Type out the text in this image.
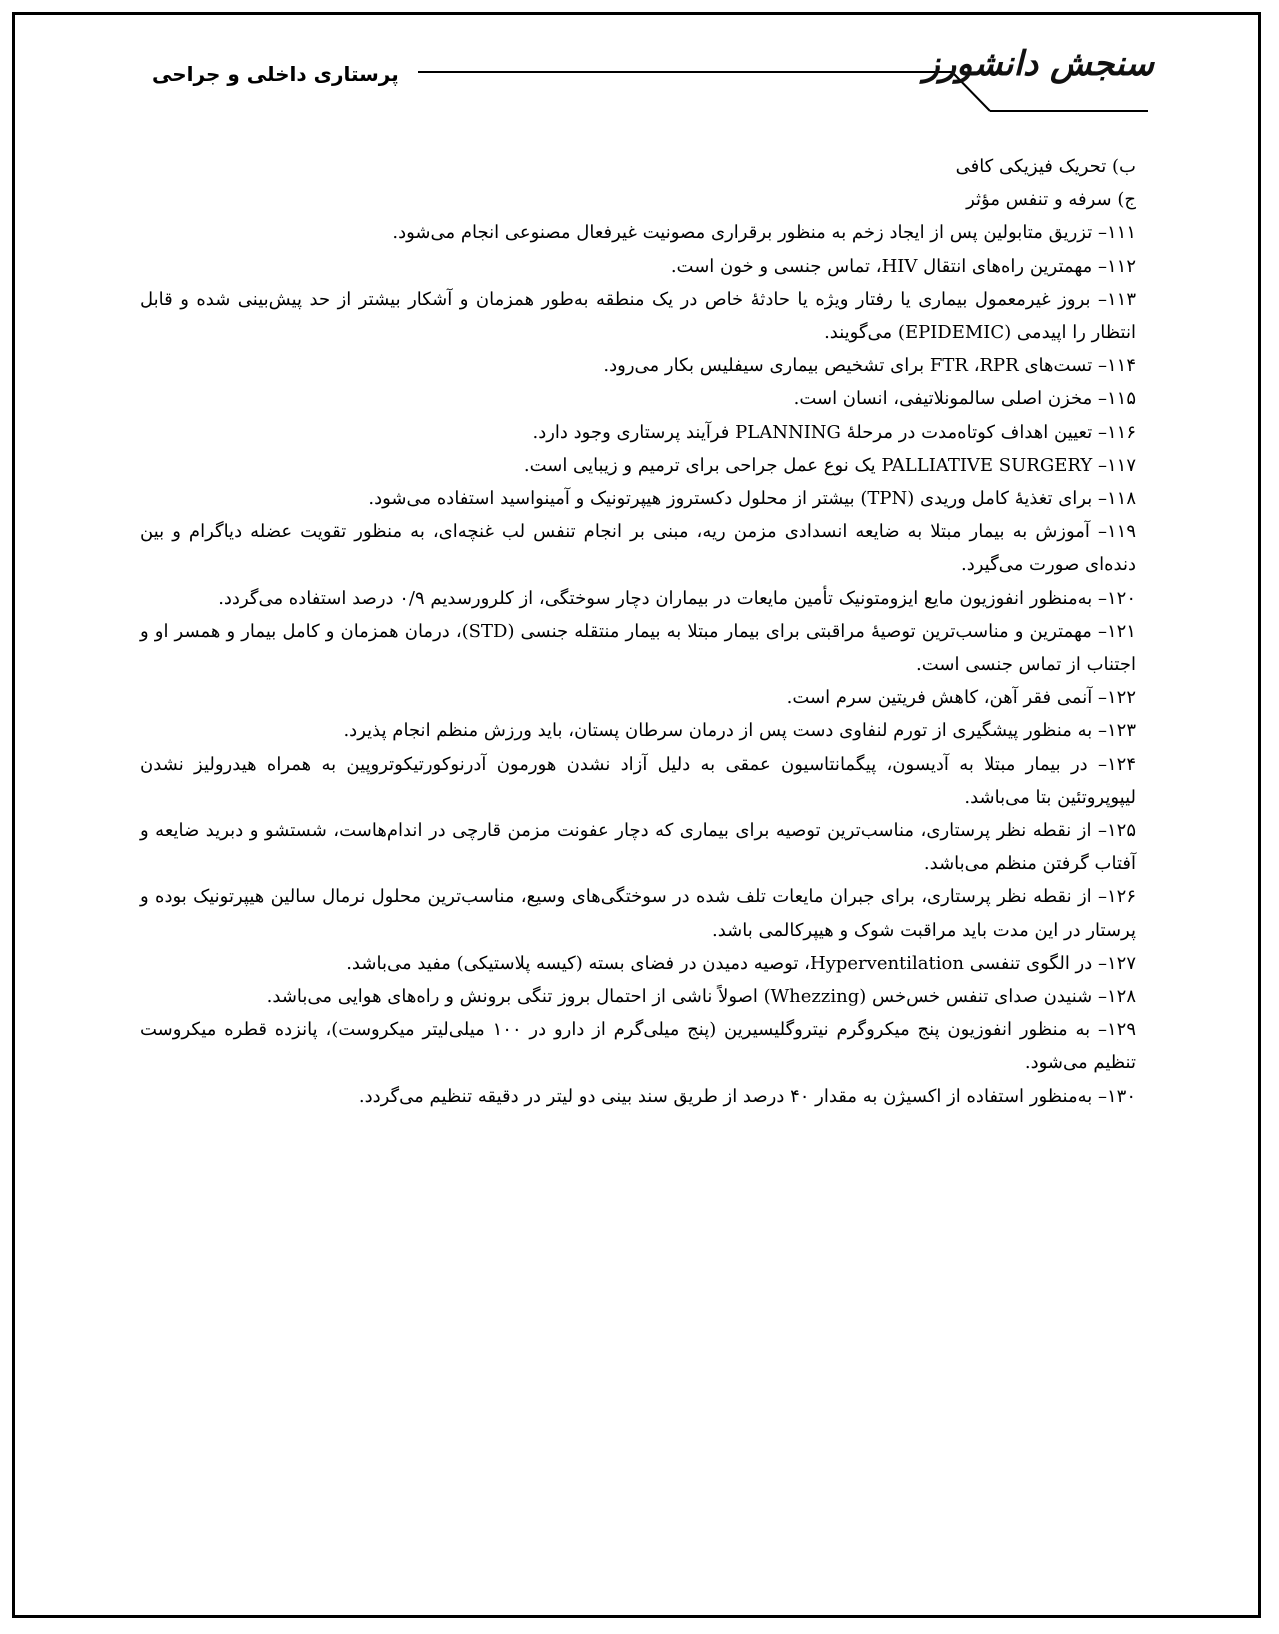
سنجش دانشورز
پرستاری داخلی و جراحی

ب) تحریک فیزیکی کافی

ج) سرفه و تنفس مؤثر

۱۱۱– تزریق متابولین پس از ایجاد زخم به منظور برقراری مصونیت غیرفعال مصنوعی انجام می‌شود.

۱۱۲– مهمترین راه‌های انتقال HIV، تماس جنسی و خون است.

۱۱۳– بروز غیرمعمول بیماری یا رفتار ویژه یا حادثهٔ خاص در یک منطقه به‌طور همزمان و آشکار بیشتر از حد پیش‌بینی شده و قابل انتظار را اپیدمی (EPIDEMIC) می‌گویند.

۱۱۴– تست‌های FTR ،RPR برای تشخیص بیماری سیفلیس بکار می‌رود.

۱۱۵– مخزن اصلی سالمونلاتیفی، انسان است.

۱۱۶– تعیین اهداف کوتاه‌مدت در مرحلهٔ PLANNING فرآیند پرستاری وجود دارد.

۱۱۷– PALLIATIVE SURGERY یک نوع عمل جراحی برای ترمیم و زیبایی است.

۱۱۸– برای تغذیهٔ کامل وریدی (TPN) بیشتر از محلول دکستروز هیپرتونیک و آمینواسید استفاده می‌شود.

۱۱۹– آموزش به بیمار مبتلا به ضایعه انسدادی مزمن ریه، مبنی بر انجام تنفس لب غنچه‌ای، به منظور تقویت عضله دیاگرام و بین دنده‌ای صورت می‌گیرد.

۱۲۰– به‌منظور انفوزیون مایع ایزومتونیک تأمین مایعات در بیماران دچار سوختگی، از کلرورسدیم ۰/۹ درصد استفاده می‌گردد.

۱۲۱– مهمترین و مناسب‌ترین توصیهٔ مراقبتی برای بیمار مبتلا به بیمار منتقله جنسی (STD)، درمان همزمان و کامل بیمار و همسر او و اجتناب از تماس جنسی است.

۱۲۲– آنمی فقر آهن، کاهش فریتین سرم است.

۱۲۳– به منظور پیشگیری از تورم لنفاوی دست پس از درمان سرطان پستان، باید ورزش منظم انجام پذیرد.

۱۲۴– در بیمار مبتلا به آدیسون، پیگمانتاسیون عمقی به دلیل آزاد نشدن هورمون آدرنوکورتیکوتروپین به همراه هیدرولیز نشدن لیپوپروتئین بتا می‌باشد.

۱۲۵– از نقطه نظر پرستاری، مناسب‌ترین توصیه برای بیماری که دچار عفونت مزمن قارچی در اندام‌هاست، شستشو و دبرید ضایعه و آفتاب گرفتن منظم می‌باشد.

۱۲۶– از نقطه نظر پرستاری، برای جبران مایعات تلف شده در سوختگی‌های وسیع، مناسب‌ترین محلول نرمال سالین هیپرتونیک بوده و پرستار در این مدت باید مراقبت شوک و هیپرکالمی باشد.

۱۲۷– در الگوی تنفسی Hyperventilation، توصیه دمیدن در فضای بسته (کیسه پلاستیکی) مفید می‌باشد.

۱۲۸– شنیدن صدای تنفس خس‌خس (Whezzing) اصولاً ناشی از احتمال بروز تنگی برونش و راه‌های هوایی می‌باشد.

۱۲۹– به منظور انفوزیون پنج میکروگرم نیتروگلیسیرین (پنج میلی‌گرم از دارو در ۱۰۰ میلی‌لیتر میکروست)، پانزده قطره میکروست تنظیم می‌شود.

۱۳۰– به‌منظور استفاده از اکسیژن به مقدار ۴۰ درصد از طریق سند بینی دو لیتر در دقیقه تنظیم می‌گردد.
